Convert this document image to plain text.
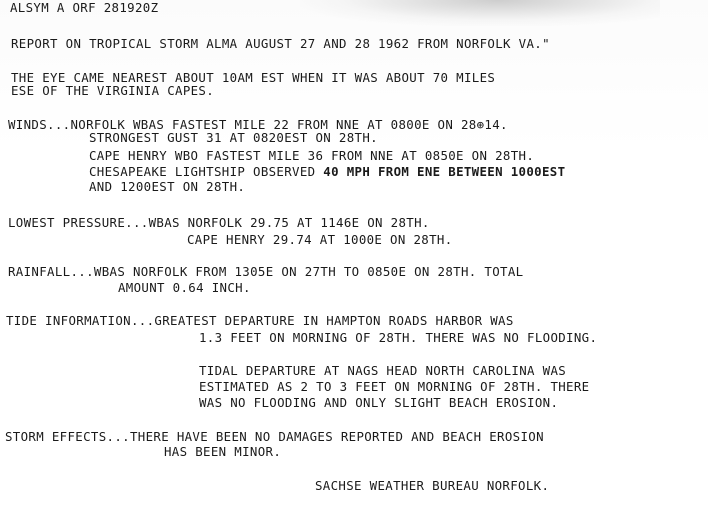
ALSYM A ORF 281920Z
REPORT ON TROPICAL STORM ALMA AUGUST 27 AND 28 1962 FROM NORFOLK VA."
THE EYE CAME NEAREST ABOUT 10AM EST WHEN IT WAS ABOUT 70 MILES
ESE OF THE VIRGINIA CAPES.
WINDS...NORFOLK WBAS FASTEST MILE 22 FROM NNE AT 0800E ON 28⊕14.
STRONGEST GUST 31 AT 0820EST ON 28TH.
CAPE HENRY WBO FASTEST MILE 36 FROM NNE AT 0850E ON 28TH.
CHESAPEAKE LIGHTSHIP OBSERVED 40 MPH FROM ENE BETWEEN 1000EST
AND 1200EST ON 28TH.
LOWEST PRESSURE...WBAS NORFOLK 29.75 AT 1146E ON 28TH.
CAPE HENRY 29.74 AT 1000E ON 28TH.
RAINFALL...WBAS NORFOLK FROM 1305E ON 27TH TO 0850E ON 28TH. TOTAL
AMOUNT 0.64 INCH.
TIDE INFORMATION...GREATEST DEPARTURE IN HAMPTON ROADS HARBOR WAS
1.3 FEET ON MORNING OF 28TH. THERE WAS NO FLOODING.
TIDAL DEPARTURE AT NAGS HEAD NORTH CAROLINA WAS
ESTIMATED AS 2 TO 3 FEET ON MORNING OF 28TH. THERE
WAS NO FLOODING AND ONLY SLIGHT BEACH EROSION.
STORM EFFECTS...THERE HAVE BEEN NO DAMAGES REPORTED AND BEACH EROSION
HAS BEEN MINOR.
SACHSE WEATHER BUREAU NORFOLK.
